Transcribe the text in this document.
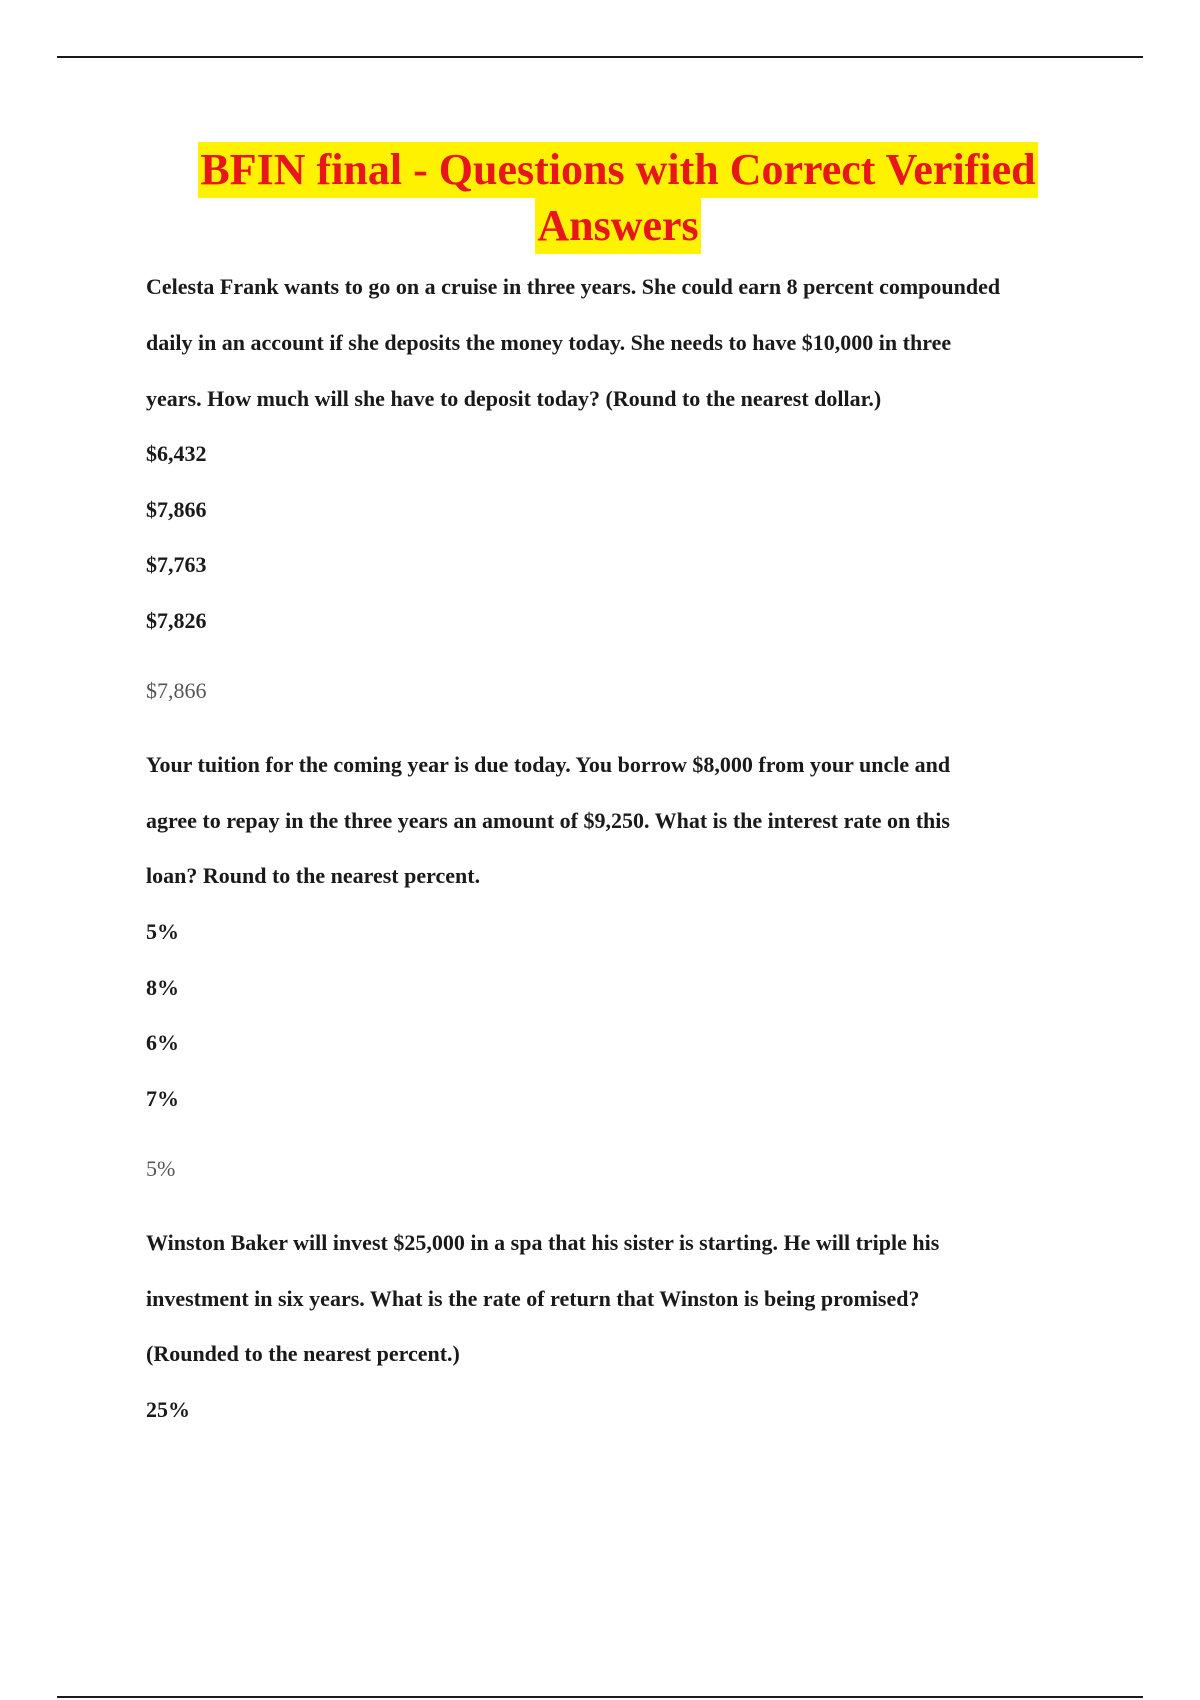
BFIN final - Questions with Correct Verified
Answers
Celesta Frank wants to go on a cruise in three years. She could earn 8 percent compounded
daily in an account if she deposits the money today. She needs to have $10,000 in three
years. How much will she have to deposit today? (Round to the nearest dollar.)
$6,432
$7,866
$7,763
$7,826
$7,866
Your tuition for the coming year is due today. You borrow $8,000 from your uncle and
agree to repay in the three years an amount of $9,250. What is the interest rate on this
loan? Round to the nearest percent.
5%
8%
6%
7%
5%
Winston Baker will invest $25,000 in a spa that his sister is starting. He will triple his
investment in six years. What is the rate of return that Winston is being promised?
(Rounded to the nearest percent.)
25%
